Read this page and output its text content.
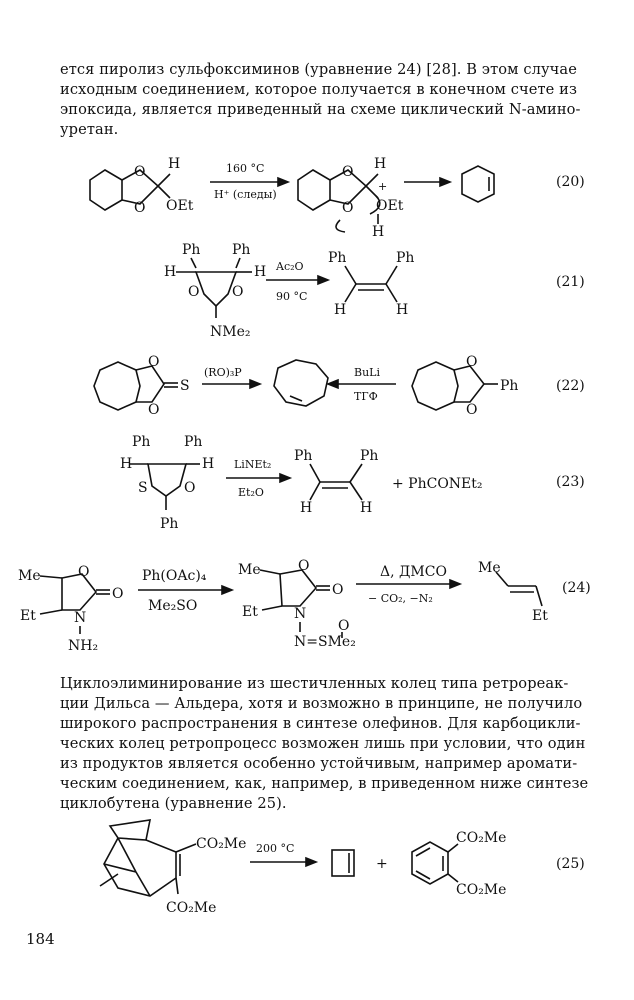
ется пиролиз сульфоксиминов (уравнение 24) [28]. В этом случае
исходным соединением, которое получается в конечном счете из
эпоксида, является приведенный на схеме циклический N-амино-
уретан.
O
O
H
OEt
160 °C
H⁺ (следы)
O
O
H
+
OEt
H
(20)
Ph Ph
H	H
O O
NMe₂
Ac₂O
90 °C
Ph	Ph
H	H
(21)
O
O
S
(RO)₃P	BuLi
ТГФ
O
O
Ph	(22)
Ph Ph
H	H
S	O
Ph
LiNEt₂
Et₂O
Ph	Ph
H	H
+ PhCONEt₂	(23)
Me
Et
O
O
N
NH₂
Ph(OAc)₄
Me₂SO
Me
Et
O
O
N
N=SMe₂
O
Δ, ДМСО
− CO₂, −N₂
Me
Et
(24)
Циклоэлиминирование из шестичленных колец типа ретрореак-
ции Дильса — Альдера, хотя и возможно в принципе, не получило
широкого распространения в синтезе олефинов. Для карбоцикли-
ческих колец ретропроцесс возможен лишь при условии, что один
из продуктов является особенно устойчивым, например аромати-
ческим соединением, как, например, в приведенном ниже синтезе
циклобутена (уравнение 25).
CO₂Me
CO₂Me
200 °C
+
CO₂Me
CO₂Me
(25)
184
